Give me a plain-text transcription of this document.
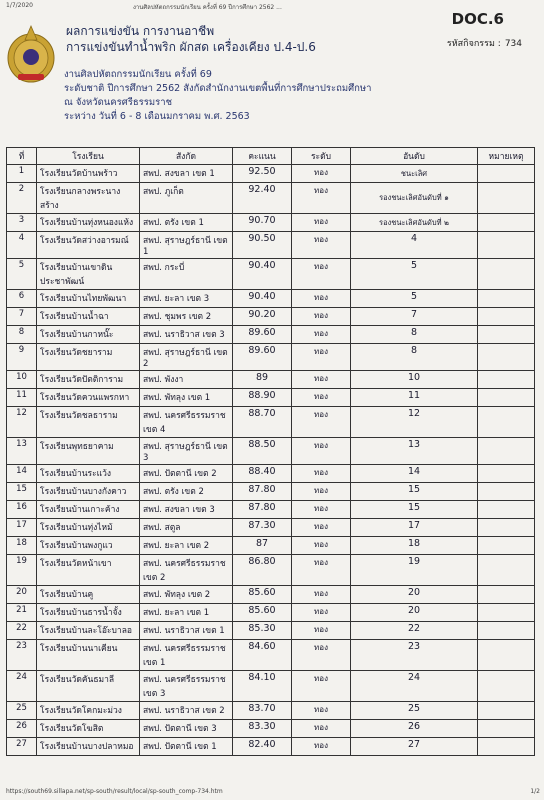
1/7/2020	งานศิลปหัตถกรรมนักเรียน ครั้งที่ 69 ปีการศึกษา 2562 ...
DOC.6
รหัสกิจกรรม : 734
ผลการแข่งขัน การงานอาชีพ
การแข่งขันทำน้ำพริก ผักสด เครื่องเคียง ป.4-ป.6
งานศิลปหัตถกรรมนักเรียน ครั้งที่ 69
ระดับชาติ ปีการศึกษา 2562 สังกัดสำนักงานเขตพื้นที่การศึกษาประถมศึกษา
ณ จังหวัดนครศรีธรรมราช
ระหว่าง วันที่ 6 - 8 เดือนมกราคม พ.ศ. 2563
ที่	โรงเรียน	สังกัด	คะแนน	ระดับ	อันดับ	หมายเหตุ
1	โรงเรียนวัดบ้านพร้าว	สพป. สงขลา เขต 1	92.50	ทอง	ชนะเลิศ	
2	โรงเรียนกลางพระนางสร้าง	สพป. ภูเก็ต	92.40	ทอง	รองชนะเลิศอันดับที่ ๑	
3	โรงเรียนบ้านทุ่งหนองแห้ง	สพป. ตรัง เขต 1	90.70	ทอง	รองชนะเลิศอันดับที่ ๒	
4	โรงเรียนวัดสว่างอารมณ์	สพป. สุราษฎร์ธานี เขต 1	90.50	ทอง	4	
5	โรงเรียนบ้านเขาดินประชาพัฒน์	สพป. กระบี่	90.40	ทอง	5	
6	โรงเรียนบ้านไทยพัฒนา	สพป. ยะลา เขต 3	90.40	ทอง	5	
7	โรงเรียนบ้านน้ำฉา	สพป. ชุมพร เขต 2	90.20	ทอง	7	
8	โรงเรียนบ้านกาหนั๊ะ	สพป. นราธิวาส เขต 3	89.60	ทอง	8	
9	โรงเรียนวัดชยาราม	สพป. สุราษฎร์ธานี เขต 2	89.60	ทอง	8	
10	โรงเรียนวัดปัตติการาม	สพป. พังงา	89	ทอง	10	
11	โรงเรียนวัดควนแพรกหา	สพป. พัทลุง เขต 1	88.90	ทอง	11	
12	โรงเรียนวัดชลธาราม	สพป. นครศรีธรรมราช เขต 4	88.70	ทอง	12	
13	โรงเรียนพุทธยาคาม	สพป. สุราษฎร์ธานี เขต 3	88.50	ทอง	13	
14	โรงเรียนบ้านระแว้ง	สพป. ปัตตานี เขต 2	88.40	ทอง	14	
15	โรงเรียนบ้านบางกังคาว	สพป. ตรัง เขต 2	87.80	ทอง	15	
16	โรงเรียนบ้านเกาะค้าง	สพป. สงขลา เขต 3	87.80	ทอง	15	
17	โรงเรียนบ้านทุ่งไหม้	สพป. สตูล	87.30	ทอง	17	
18	โรงเรียนบ้านพงกูแว	สพป. ยะลา เขต 2	87	ทอง	18	
19	โรงเรียนวัดหน้าเขา	สพป. นครศรีธรรมราช เขต 2	86.80	ทอง	19	
20	โรงเรียนบ้านคู	สพป. พัทลุง เขต 2	85.60	ทอง	20	
21	โรงเรียนบ้านธารน้ำจั้ง	สพป. ยะลา เขต 1	85.60	ทอง	20	
22	โรงเรียนบ้านละโอ๊ะบาลอ	สพป. นราธิวาส เขต 1	85.30	ทอง	22	
23	โรงเรียนบ้านนาเคียน	สพป. นครศรีธรรมราช เขต 1	84.60	ทอง	23	
24	โรงเรียนวัดคันธมาลี	สพป. นครศรีธรรมราช เขต 3	84.10	ทอง	24	
25	โรงเรียนวัดโคกมะม่วง	สพป. นราธิวาส เขต 2	83.70	ทอง	25	
26	โรงเรียนวัดโฆสิต	สพป. ปัตตานี เขต 3	83.30	ทอง	26	
27	โรงเรียนบ้านบางปลาหมอ	สพป. ปัตตานี เขต 1	82.40	ทอง	27	
https://south69.sillapa.net/sp-south/result/local/sp-south_comp-734.htm	1/2
